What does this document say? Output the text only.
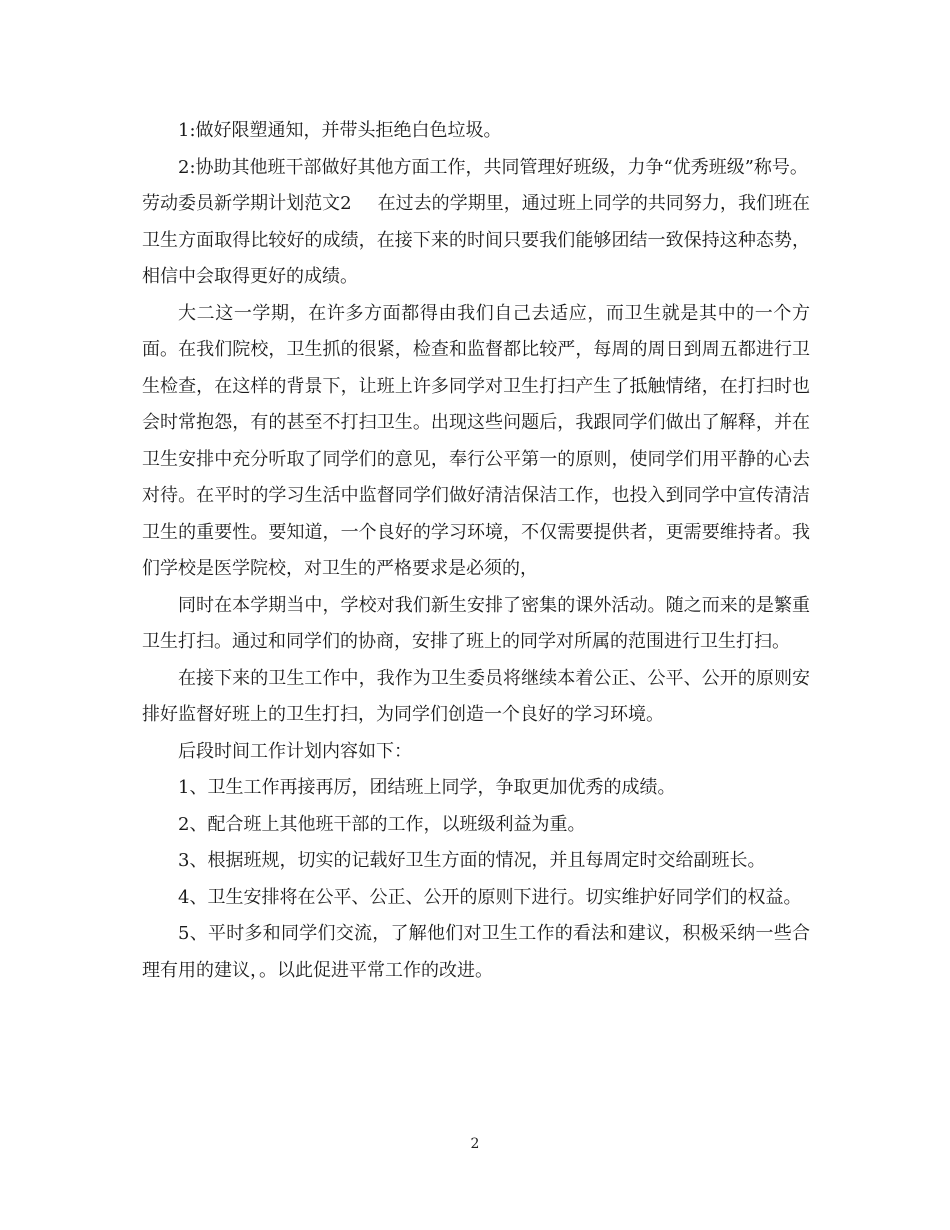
1:做好限塑通知，并带头拒绝白色垃圾。

2:协助其他班干部做好其他方面工作，共同管理好班级，力争“优秀班级”称号。

劳动委员新学期计划范文2 在过去的学期里，通过班上同学的共同努力，我们班在卫生方面取得比较好的成绩，在接下来的时间只要我们能够团结一致保持这种态势，相信中会取得更好的成绩。

大二这一学期，在许多方面都得由我们自己去适应，而卫生就是其中的一个方面。在我们院校，卫生抓的很紧，检查和监督都比较严，每周的周日到周五都进行卫生检查，在这样的背景下，让班上许多同学对卫生打扫产生了抵触情绪，在打扫时也会时常抱怨，有的甚至不打扫卫生。出现这些问题后，我跟同学们做出了解释，并在卫生安排中充分听取了同学们的意见，奉行公平第一的原则，使同学们用平静的心去对待。在平时的学习生活中监督同学们做好清洁保洁工作，也投入到同学中宣传清洁卫生的重要性。要知道，一个良好的学习环境，不仅需要提供者，更需要维持者。我们学校是医学院校，对卫生的严格要求是必须的，

同时在本学期当中，学校对我们新生安排了密集的课外活动。随之而来的是繁重卫生打扫。通过和同学们的协商，安排了班上的同学对所属的范围进行卫生打扫。

在接下来的卫生工作中，我作为卫生委员将继续本着公正、公平、公开的原则安排好监督好班上的卫生打扫，为同学们创造一个良好的学习环境。

后段时间工作计划内容如下：

1、卫生工作再接再厉，团结班上同学，争取更加优秀的成绩。

2、配合班上其他班干部的工作，以班级利益为重。

3、根据班规，切实的记载好卫生方面的情况，并且每周定时交给副班长。

4、卫生安排将在公平、公正、公开的原则下进行。切实维护好同学们的权益。

5、平时多和同学们交流，了解他们对卫生工作的看法和建议，积极采纳一些合理有用的建议，。以此促进平常工作的改进。

2
